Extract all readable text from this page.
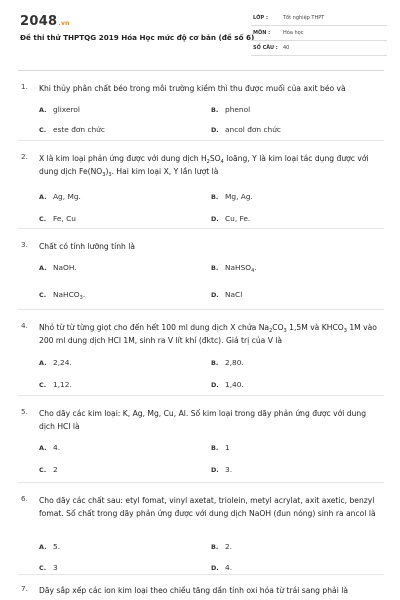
2048.vn
Đề thi thử THPTQG 2019 Hóa Học mức độ cơ bản (đề số 6)
LỚP :	Tốt nghiệp THPT
MÔN :	Hóa học
SỐ CÂU : 40
1. Khi thủy phân chất béo trong môi trường kiềm thì thu được muối của axit béo và
A. glixerol	B. phenol
C. este đơn chức	D. ancol đơn chức
2. X là kim loại phản ứng được với dung dịch $H_2SO_4$ loãng, Y là kim loại tác dụng được với dung dịch $Fe(NO_3)_3$. Hai kim loại X, Y lần lượt là
A. Ag, Mg.	B. Mg, Ag.
C. Fe, Cu	D. Cu, Fe.
3. Chất có tính lưỡng tính là
A. NaOH.	B. NaHSO$_4$.
C. NaHCO$_3$.	D. NaCl
4. Nhỏ từ từ từng giọt cho đến hết 100 ml dung dịch X chứa $Na_2CO_3$ 1,5M và $KHCO_3$ 1M vào 200 ml dung dịch HCl 1M, sinh ra V lít khí (đktc). Giá trị của V là
A. 2,24.	B. 2,80.
C. 1,12.	D. 1,40.
5. Cho dãy các kim loại: K, Ag, Mg, Cu, Al. Số kim loại trong dãy phản ứng được với dung dịch HCl là
A. 4.	B. 1
C. 2	D. 3.
6. Cho dãy các chất sau: etyl fomat, vinyl axetat, triolein, metyl acrylat, axit axetic, benzyl fomat. Số chất trong dãy phản ứng được với dung dịch NaOH (đun nóng) sinh ra ancol là
A. 5.	B. 2.
C. 3	D. 4.
7. Dãy sắp xếp các ion kim loại theo chiều tăng dần tính oxi hóa từ trái sang phải là
